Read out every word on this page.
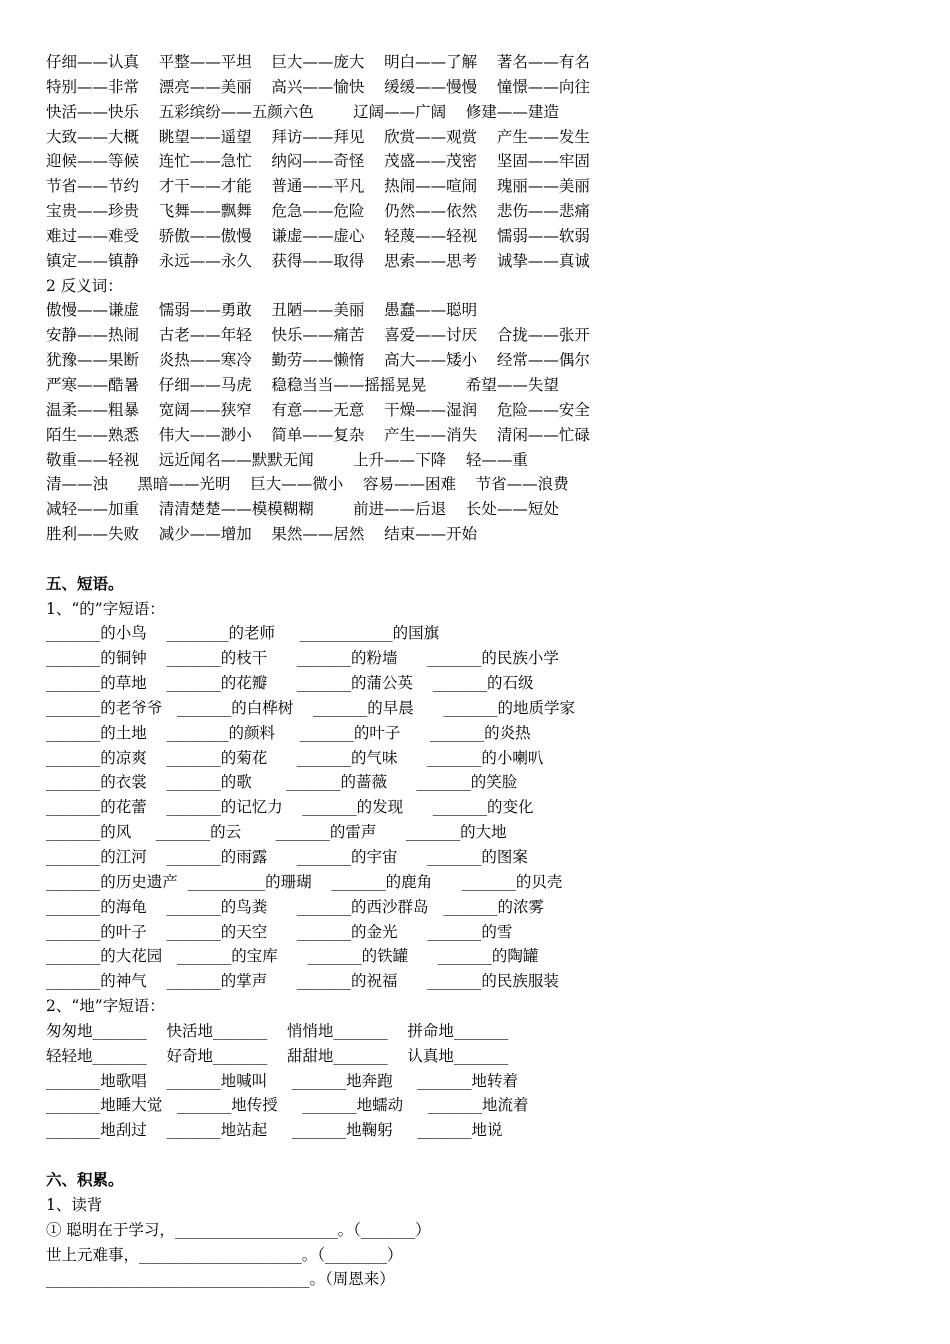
仔细——认真    平整——平坦    巨大——庞大    明白——了解    著名——有名
特别——非常    漂亮——美丽    高兴——愉快    缓缓——慢慢    憧憬——向往
快活——快乐    五彩缤纷——五颜六色        辽阔——广阔    修建——建造
大致——大概    眺望——遥望    拜访——拜见    欣赏——观赏    产生——发生
迎候——等候    连忙——急忙    纳闷——奇怪    茂盛——茂密    坚固——牢固
节省——节约    才干——才能    普通——平凡    热闹——喧闹    瑰丽——美丽
宝贵——珍贵    飞舞——飘舞    危急——危险    仍然——依然    悲伤——悲痛
难过——难受    骄傲——傲慢    谦虚——虚心    轻蔑——轻视    懦弱——软弱
镇定——镇静    永远——永久    获得——取得    思索——思考    诚挚——真诚
2 反义词：
傲慢——谦虚    懦弱——勇敢    丑陋——美丽    愚蠢——聪明
安静——热闹    古老——年轻    快乐——痛苦    喜爱——讨厌    合拢——张开
犹豫——果断    炎热——寒冷    勤劳——懒惰    高大——矮小    经常——偶尔
严寒——酷暑    仔细——马虎    稳稳当当——摇摇晃晃        希望——失望
温柔——粗暴    宽阔——狭窄    有意——无意    干燥——湿润    危险——安全
陌生——熟悉    伟大——渺小    简单——复杂    产生——消失    清闲——忙碌
敬重——轻视    远近闻名——默默无闻        上升——下降    轻——重
清——浊      黑暗——光明    巨大——微小    容易——困难    节省——浪费
减轻——加重    清清楚楚——模模糊糊        前进——后退    长处——短处
胜利——失败    减少——增加    果然——居然    结束——开始
五、短语。
1、“的”字短语：
_______的小鸟    ________的老师     ____________的国旗
_______的铜钟    _______的枝干      _______的粉墙      _______的民族小学
_______的草地    _______的花瓣      _______的蒲公英    _______的石级
_______的老爷爷   _______的白桦树    _______的早晨      _______的地质学家
_______的土地    ________的颜料     _______的叶子      _______的炎热
_______的凉爽    _______的菊花      _______的气味      _______的小喇叭
_______的衣裳    _______的歌       _______的蔷薇      _______的笑脸
_______的花蕾    _______的记忆力    _______的发现      _______的变化
_______的风     _______的云       _______的雷声      _______的大地
_______的江河    _______的雨露      _______的宇宙      _______的图案
_______的历史遗产  __________的珊瑚    _______的鹿角      _______的贝壳
_______的海龟    _______的鸟粪      _______的西沙群岛   _______的浓雾
_______的叶子    _______的天空      _______的金光      _______的雪
_______的大花园   _______的宝库      _______的铁罐      _______的陶罐
_______的神气    _______的掌声      _______的祝福      _______的民族服装
2、“地”字短语：
匆匆地_______    快活地_______    悄悄地_______    拼命地_______
轻轻地_______    好奇地_______    甜甜地_______    认真地_______
_______地歌唱    _______地喊叫     _______地奔跑     _______地转着
_______地睡大觉   _______地传授     _______地蠕动     _______地流着
_______地刮过    _______地站起     _______地鞠躬     _______地说
六、积累。
1、读背
① 聪明在于学习，_____________________。（_______）
世上元难事，_____________________。（________）
__________________________________。（周恩来）
